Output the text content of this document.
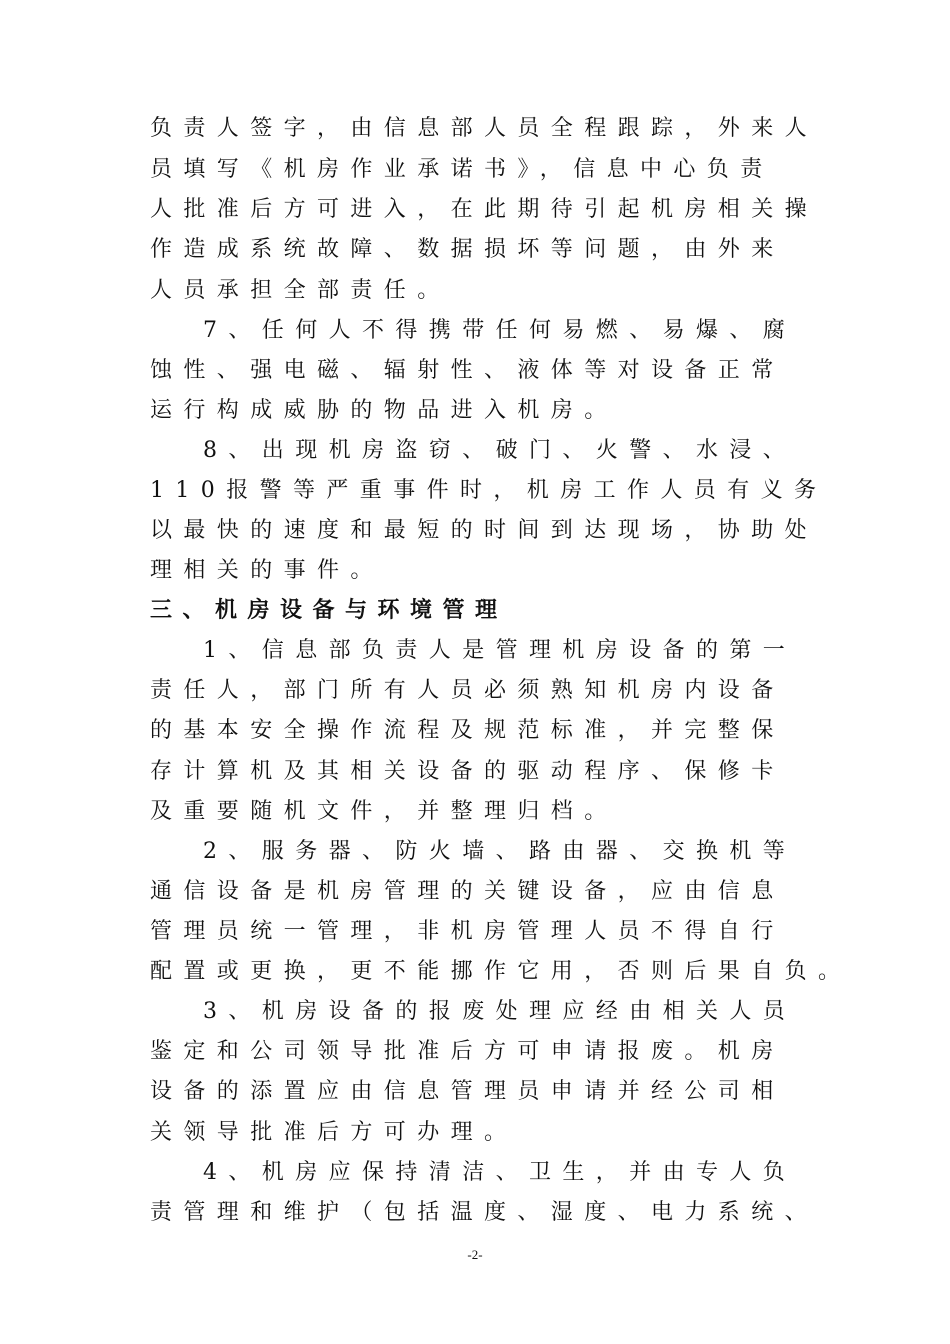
负责人签字，由信息部人员全程跟踪，外来人
员填写《机房作业承诺书》，信息中心负责
人批准后方可进入，在此期待引起机房相关操
作造成系统故障、数据损坏等问题，由外来
人员承担全部责任。
7、任何人不得携带任何易燃、易爆、腐
蚀性、强电磁、辐射性、液体等对设备正常
运行构成威胁的物品进入机房。
8、出现机房盗窃、破门、火警、水浸、
110报警等严重事件时，机房工作人员有义务
以最快的速度和最短的时间到达现场，协助处
理相关的事件。
三、机房设备与环境管理
1、信息部负责人是管理机房设备的第一
责任人，部门所有人员必须熟知机房内设备
的基本安全操作流程及规范标准，并完整保
存计算机及其相关设备的驱动程序、保修卡
及重要随机文件，并整理归档。
2、服务器、防火墙、路由器、交换机等
通信设备是机房管理的关键设备，应由信息
管理员统一管理，非机房管理人员不得自行
配置或更换，更不能挪作它用，否则后果自负。
3、机房设备的报废处理应经由相关人员
鉴定和公司领导批准后方可申请报废。机房
设备的添置应由信息管理员申请并经公司相
关领导批准后方可办理。
4、机房应保持清洁、卫生，并由专人负
责管理和维护（包括温度、湿度、电力系统、
-2-
